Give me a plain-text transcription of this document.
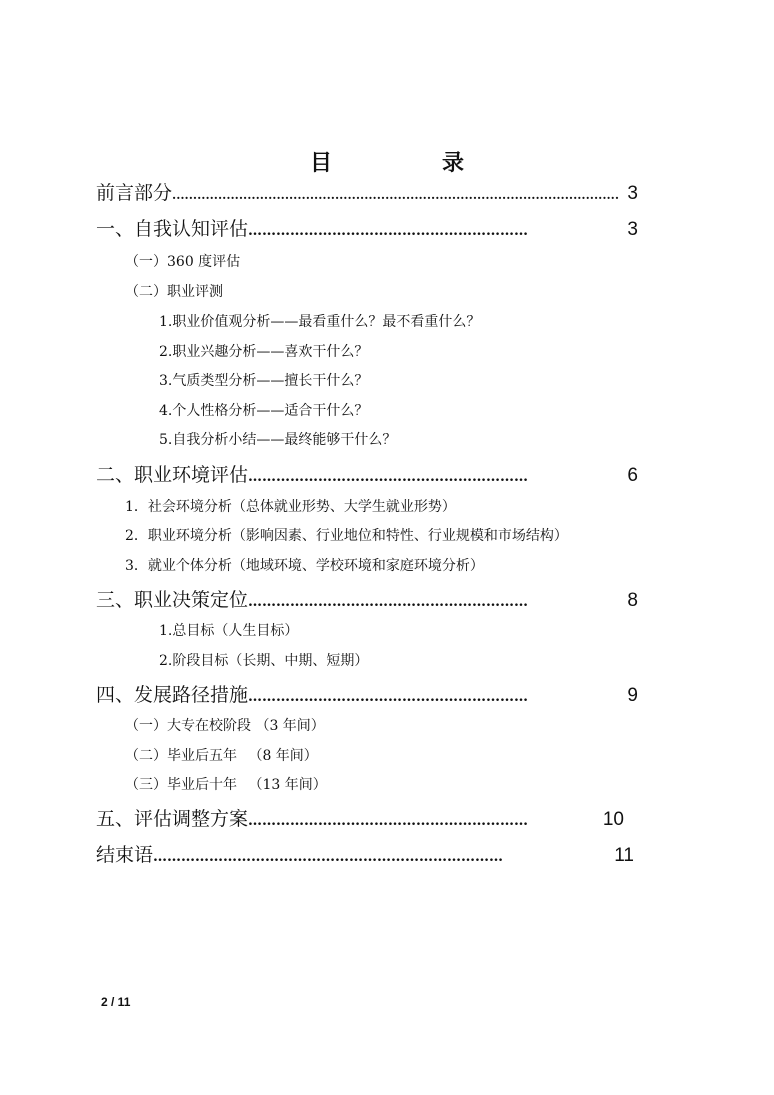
目　录
前言部分 ........................................................................................................... 3
一、自我认知评估 ……………………………………………………	3
（一）360 度评估
（二）职业评测
1.职业价值观分析——最看重什么？最不看重什么？
2.职业兴趣分析——喜欢干什么？
3.气质类型分析——擅长干什么？
4.个人性格分析——适合干什么？
5.自我分析小结——最终能够干什么？
二、职业环境评估 ……………………………………………………	6
1．社会环境分析（总体就业形势、大学生就业形势）
2．职业环境分析（影响因素、行业地位和特性、行业规模和市场结构）
3．就业个体分析（地域环境、学校环境和家庭环境分析）
三、职业决策定位 ……………………………………………………	8
1.总目标（人生目标）
2.阶段目标（长期、中期、短期）
四、发展路径措施 ……………………………………………………	9
（一）大专在校阶段 （3 年间）
（二）毕业后五年 　（8 年间）
（三）毕业后十年 　（13 年间）
五、评估调整方案 ……………………………………………………	10
结束语 …………………………………………………………………	11
2 / 11
